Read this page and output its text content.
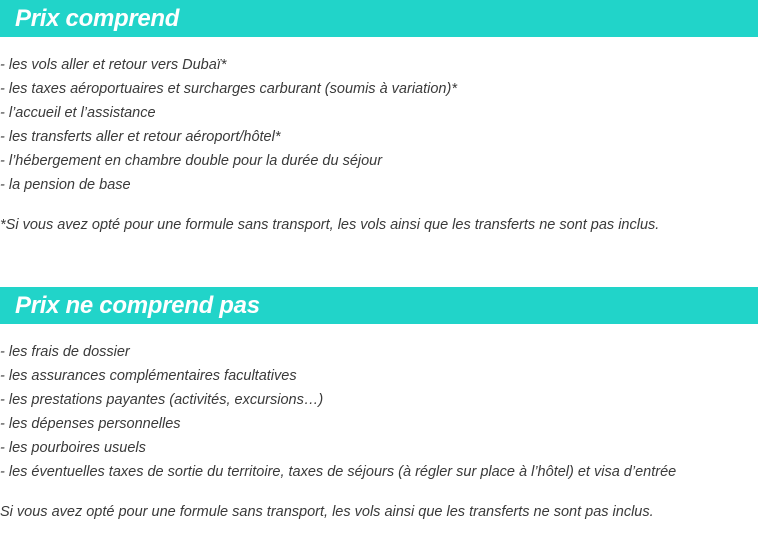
Prix comprend
- les vols aller et retour vers Dubaï*
- les taxes aéroportuaires et surcharges carburant (soumis à variation)*
- l’accueil et l’assistance
- les transferts aller et retour aéroport/hôtel*
- l’hébergement en chambre double pour la durée du séjour
- la pension de base

*Si vous avez opté pour une formule sans transport, les vols ainsi que les transferts ne sont pas inclus.

Prix ne comprend pas
- les frais de dossier
- les assurances complémentaires facultatives
- les prestations payantes (activités, excursions…)
- les dépenses personnelles
- les pourboires usuels
- les éventuelles taxes de sortie du territoire, taxes de séjours (à régler sur place à l’hôtel) et visa d’entrée

Si vous avez opté pour une formule sans transport, les vols ainsi que les transferts ne sont pas inclus.
